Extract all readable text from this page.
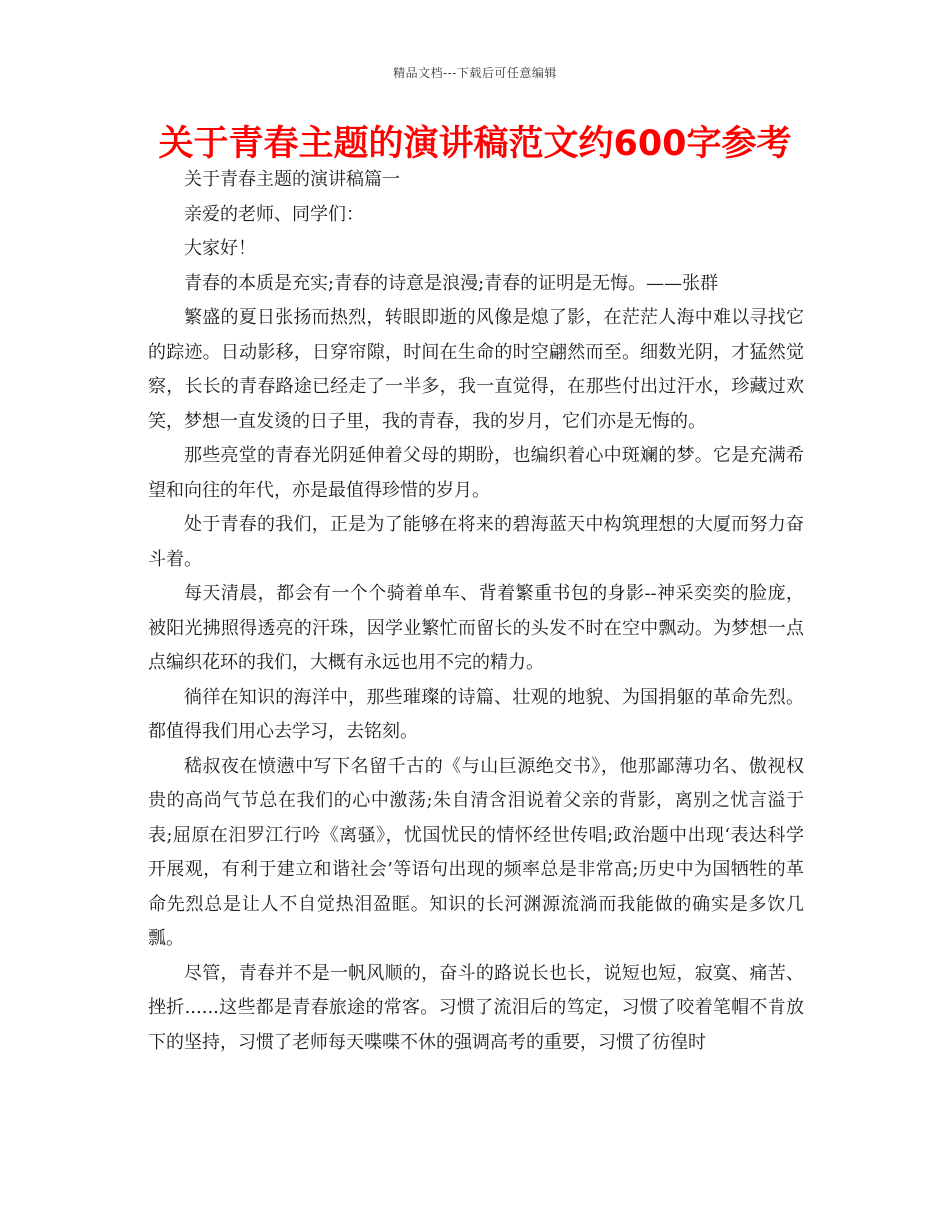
精品文档---下载后可任意编辑
关于青春主题的演讲稿范文约600字参考

关于青春主题的演讲稿篇一

亲爱的老师、同学们：

大家好！

青春的本质是充实;青春的诗意是浪漫;青春的证明是无悔。——张群

繁盛的夏日张扬而热烈，转眼即逝的风像是熄了影，在茫茫人海中难以寻找它的踪迹。日动影移，日穿帘隙，时间在生命的时空翩然而至。细数光阴，才猛然觉察，长长的青春路途已经走了一半多，我一直觉得，在那些付出过汗水，珍藏过欢笑，梦想一直发烫的日子里，我的青春，我的岁月，它们亦是无悔的。

那些亮堂的青春光阴延伸着父母的期盼，也编织着心中斑斓的梦。它是充满希望和向往的年代，亦是最值得珍惜的岁月。

处于青春的我们，正是为了能够在将来的碧海蓝天中构筑理想的大厦而努力奋斗着。

每天清晨，都会有一个个骑着单车、背着繁重书包的身影--神采奕奕的脸庞，被阳光拂照得透亮的汗珠，因学业繁忙而留长的头发不时在空中飘动。为梦想一点点编织花环的我们，大概有永远也用不完的精力。

徜徉在知识的海洋中，那些璀璨的诗篇、壮观的地貌、为国捐躯的革命先烈。都值得我们用心去学习，去铭刻。

嵇叔夜在愤懑中写下名留千古的《与山巨源绝交书》，他那鄙薄功名、傲视权贵的高尚气节总在我们的心中激荡;朱自清含泪说着父亲的背影，离别之忧言溢于表;屈原在汨罗江行吟《离骚》，忧国忧民的情怀经世传唱;政治题中出现‘表达科学开展观，有利于建立和谐社会’等语句出现的频率总是非常高;历史中为国牺牲的革命先烈总是让人不自觉热泪盈眶。知识的长河渊源流淌而我能做的确实是多饮几瓢。

尽管，青春并不是一帆风顺的，奋斗的路说长也长，说短也短，寂寞、痛苦、挫折......这些都是青春旅途的常客。习惯了流泪后的笃定，习惯了咬着笔帽不肯放下的坚持，习惯了老师每天喋喋不休的强调高考的重要，习惯了彷徨时
